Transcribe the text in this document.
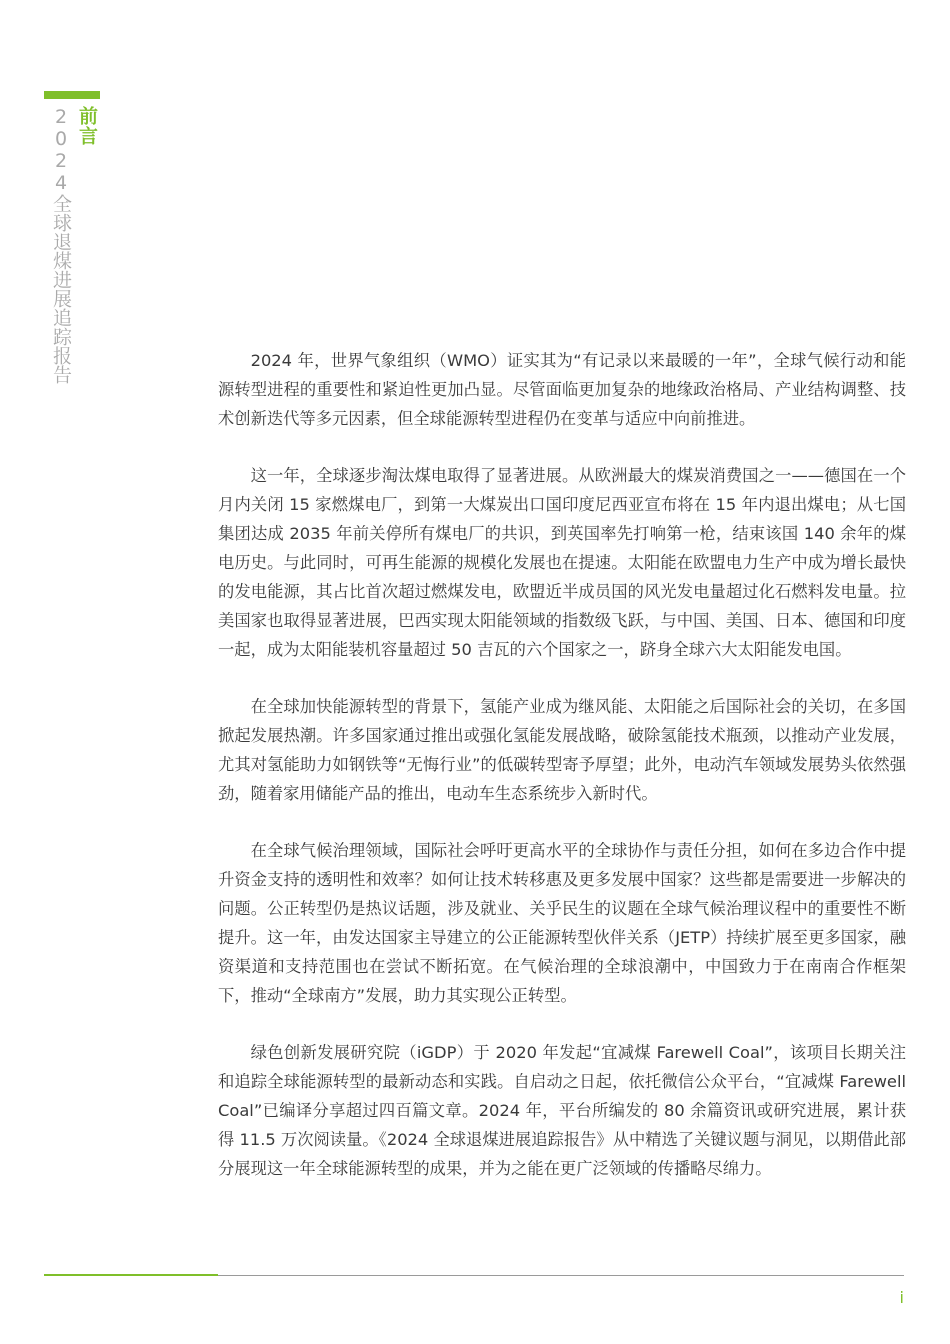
前言
2024全球退煤进展追踪报告	2024 年，世界气象组织（WMO）证实其为“有记录以来最暖的一年”，全球气候行动和能源转型进程的重要性和紧迫性更加凸显。尽管面临更加复杂的地缘政治格局、产业结构调整、技术创新迭代等多元因素，但全球能源转型进程仍在变革与适应中向前推进。

这一年，全球逐步淘汰煤电取得了显著进展。从欧洲最大的煤炭消费国之一——德国在一个月内关闭 15 家燃煤电厂，到第一大煤炭出口国印度尼西亚宣布将在 15 年内退出煤电；从七国集团达成 2035 年前关停所有煤电厂的共识，到英国率先打响第一枪，结束该国 140 余年的煤电历史。与此同时，可再生能源的规模化发展也在提速。太阳能在欧盟电力生产中成为增长最快的发电能源，其占比首次超过燃煤发电，欧盟近半成员国的风光发电量超过化石燃料发电量。拉美国家也取得显著进展，巴西实现太阳能领域的指数级飞跃，与中国、美国、日本、德国和印度一起，成为太阳能装机容量超过 50 吉瓦的六个国家之一，跻身全球六大太阳能发电国。

在全球加快能源转型的背景下，氢能产业成为继风能、太阳能之后国际社会的关切，在多国掀起发展热潮。许多国家通过推出或强化氢能发展战略，破除氢能技术瓶颈，以推动产业发展，尤其对氢能助力如钢铁等“无悔行业”的低碳转型寄予厚望；此外，电动汽车领域发展势头依然强劲，随着家用储能产品的推出，电动车生态系统步入新时代。

在全球气候治理领域，国际社会呼吁更高水平的全球协作与责任分担，如何在多边合作中提升资金支持的透明性和效率？如何让技术转移惠及更多发展中国家？这些都是需要进一步解决的问题。公正转型仍是热议话题，涉及就业、关乎民生的议题在全球气候治理议程中的重要性不断提升。这一年，由发达国家主导建立的公正能源转型伙伴关系（JETP）持续扩展至更多国家，融资渠道和支持范围也在尝试不断拓宽。在气候治理的全球浪潮中，中国致力于在南南合作框架下，推动“全球南方”发展，助力其实现公正转型。

绿色创新发展研究院（iGDP）于 2020 年发起“宜减煤 Farewell Coal”，该项目长期关注和追踪全球能源转型的最新动态和实践。自启动之日起，依托微信公众平台，“宜减煤 Farewell Coal”已编译分享超过四百篇文章。2024 年，平台所编发的 80 余篇资讯或研究进展，累计获得 11.5 万次阅读量。《2024 全球退煤进展追踪报告》从中精选了关键议题与洞见，以期借此部分展现这一年全球能源转型的成果，并为之能在更广泛领域的传播略尽绵力。

i
